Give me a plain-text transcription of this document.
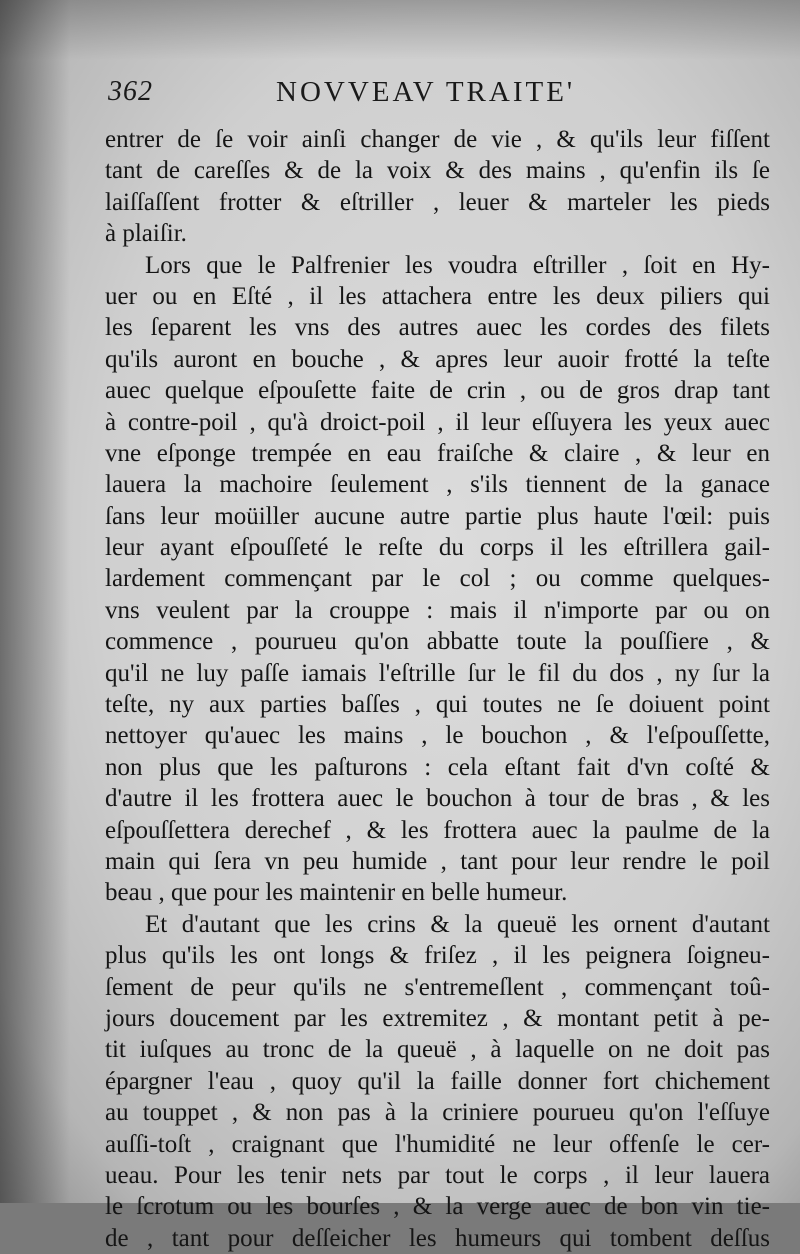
362	NOVVEAV TRAITE'
entrer de ſe voir ainſi changer de vie , & qu'ils leur fiſſent
tant de careſſes & de la voix & des mains , qu'enfin ils ſe
laiſſaſſent frotter & eſtriller , leuer & marteler les pieds
à plaiſir.
Lors que le Palfrenier les voudra eſtriller , ſoit en Hy-
uer ou en Eſté , il les attachera entre les deux piliers qui
les ſeparent les vns des autres auec les cordes des filets
qu'ils auront en bouche , & apres leur auoir frotté la teſte
auec quelque eſpouſette faite de crin , ou de gros drap tant
à contre-poil , qu'à droict-poil , il leur eſſuyera les yeux auec
vne eſponge trempée en eau fraiſche & claire , & leur en
lauera la machoire ſeulement , s'ils tiennent de la ganace
ſans leur moüiller aucune autre partie plus haute l'œil: puis
leur ayant eſpouſſeté le reſte du corps il les eſtrillera gail-
lardement commençant par le col ; ou comme quelques-
vns veulent par la crouppe : mais il n'importe par ou on
commence , pourueu qu'on abbatte toute la pouſſiere , &
qu'il ne luy paſſe iamais l'eſtrille ſur le fil du dos , ny ſur la
teſte, ny aux parties baſſes , qui toutes ne ſe doiuent point
nettoyer qu'auec les mains , le bouchon , & l'eſpouſſette,
non plus que les paſturons : cela eſtant fait d'vn coſté &
d'autre il les frottera auec le bouchon à tour de bras , & les
eſpouſſettera derechef , & les frottera auec la paulme de la
main qui ſera vn peu humide , tant pour leur rendre le poil
beau , que pour les maintenir en belle humeur.
Et d'autant que les crins & la queuë les ornent d'autant
plus qu'ils les ont longs & friſez , il les peignera ſoigneu-
ſement de peur qu'ils ne s'entremeſlent , commençant toû-
jours doucement par les extremitez , & montant petit à pe-
tit iuſques au tronc de la queuë , à laquelle on ne doit pas
épargner l'eau , quoy qu'il la faille donner fort chichement
au touppet , & non pas à la criniere pourueu qu'on l'eſſuye
auſſi-toſt , craignant que l'humidité ne leur offenſe le cer-
ueau. Pour les tenir nets par tout le corps , il leur lauera
le ſcrotum ou les bourſes , & la verge auec de bon vin tie-
de , tant pour deſſeicher les humeurs qui tombent deſſus
